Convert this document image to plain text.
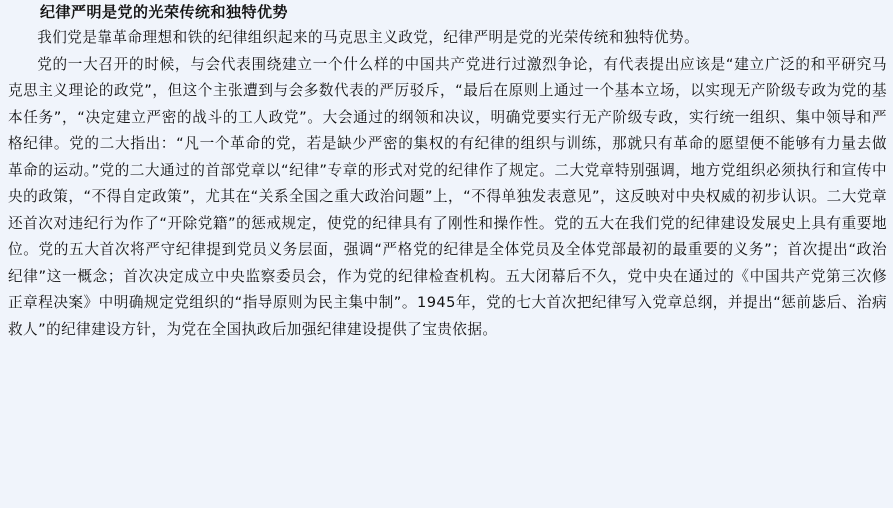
纪律严明是党的光荣传统和独特优势

我们党是靠革命理想和铁的纪律组织起来的马克思主义政党，纪律严明是党的光荣传统和独特优势。

党的一大召开的时候，与会代表围绕建立一个什么样的中国共产党进行过激烈争论，有代表提出应该是“建立广泛的和平研究马克思主义理论的政党”，但这个主张遭到与会多数代表的严厉驳斥，“最后在原则上通过一个基本立场，以实现无产阶级专政为党的基本任务”，“决定建立严密的战斗的工人政党”。大会通过的纲领和决议，明确党要实行无产阶级专政，实行统一组织、集中领导和严格纪律。党的二大指出：“凡一个革命的党，若是缺少严密的集权的有纪律的组织与训练，那就只有革命的愿望便不能够有力量去做革命的运动。”党的二大通过的首部党章以“纪律”专章的形式对党的纪律作了规定。二大党章特别强调，地方党组织必须执行和宣传中央的政策，“不得自定政策”，尤其在“关系全国之重大政治问题”上，“不得单独发表意见”，这反映对中央权威的初步认识。二大党章还首次对违纪行为作了“开除党籍”的惩戒规定，使党的纪律具有了刚性和操作性。党的五大在我们党的纪律建设发展史上具有重要地位。党的五大首次将严守纪律提到党员义务层面，强调“严格党的纪律是全体党员及全体党部最初的最重要的义务”；首次提出“政治纪律”这一概念；首次决定成立中央监察委员会，作为党的纪律检查机构。五大闭幕后不久，党中央在通过的《中国共产党第三次修正章程决案》中明确规定党组织的“指导原则为民主集中制”。1945年，党的七大首次把纪律写入党章总纲，并提出“惩前毖后、治病救人”的纪律建设方针，为党在全国执政后加强纪律建设提供了宝贵依据。
